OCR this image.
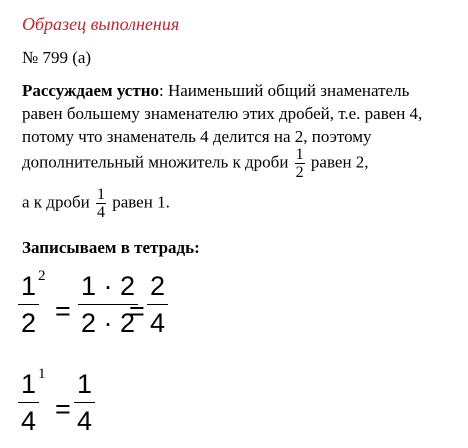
Образец выполнения
№ 799 (а)
Рассуждаем устно: Наименьший общий знаменатель
равен большему знаменателю этих дробей, т.е. равен 4,
потому что знаменатель 4 делится на 2, поэтому
дополнительный множитель к дроби $\frac{1}{2}$ равен 2,
а к дроби $\frac{1}{4}$ равен 1.
Записываем в тетрадь:
$\frac{1}{2}$
2
= $\frac{1 \cdot 2}{2 \cdot 2}$
= $\frac{2}{4}$
$\frac{1}{4}$
1
= $\frac{1}{4}$
